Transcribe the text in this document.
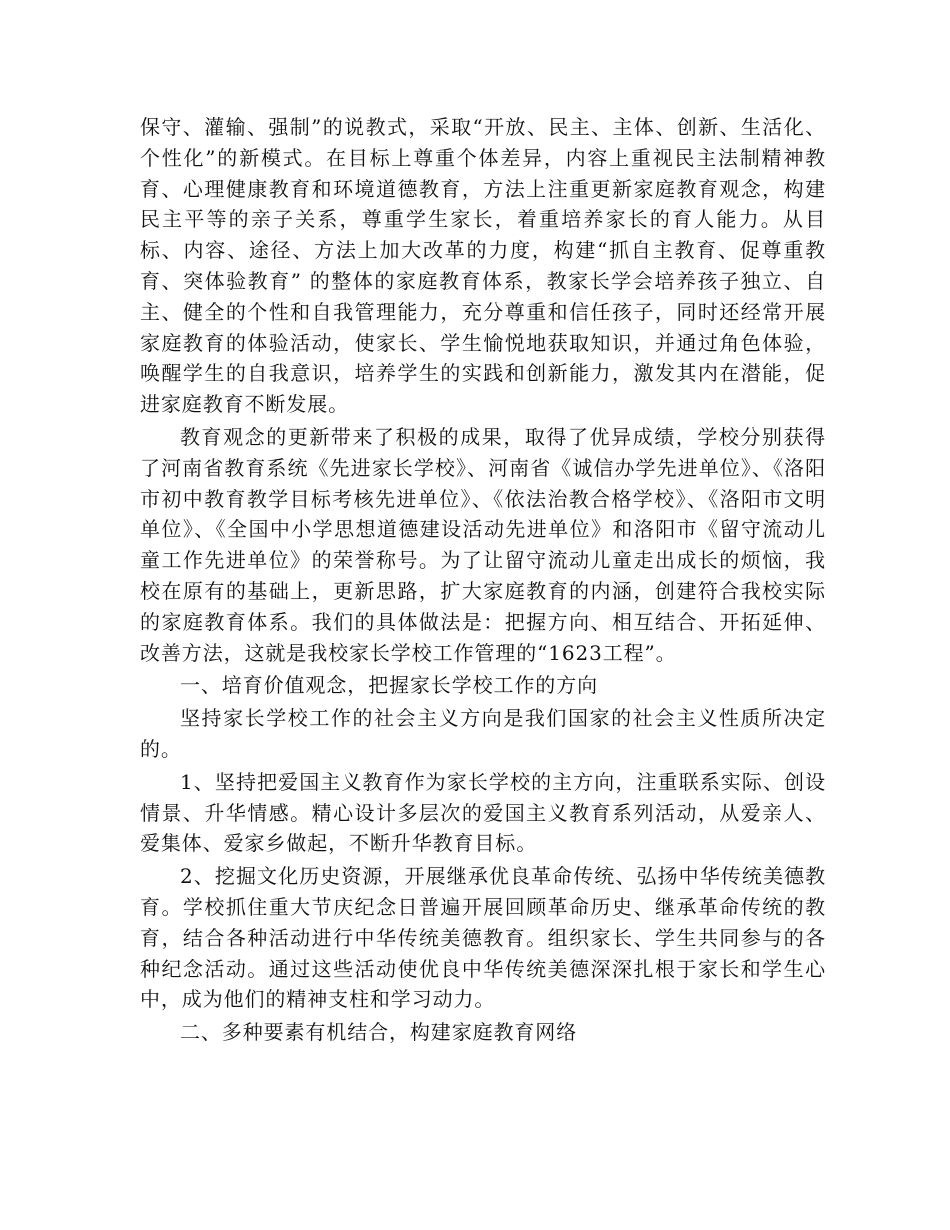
保守、灌输、强制”的说教式，采取“开放、民主、主体、创新、生活化、个性化”的新模式。在目标上尊重个体差异，内容上重视民主法制精神教育、心理健康教育和环境道德教育，方法上注重更新家庭教育观念，构建民主平等的亲子关系，尊重学生家长，着重培养家长的育人能力。从目标、内容、途径、方法上加大改革的力度，构建“抓自主教育、促尊重教育、突体验教育” 的整体的家庭教育体系，教家长学会培养孩子独立、自主、健全的个性和自我管理能力，充分尊重和信任孩子，同时还经常开展家庭教育的体验活动，使家长、学生愉悦地获取知识，并通过角色体验，唤醒学生的自我意识，培养学生的实践和创新能力，激发其内在潜能，促进家庭教育不断发展。

教育观念的更新带来了积极的成果，取得了优异成绩，学校分别获得了河南省教育系统《先进家长学校》、河南省《诚信办学先进单位》、《洛阳市初中教育教学目标考核先进单位》、《依法治教合格学校》、《洛阳市文明单位》、《全国中小学思想道德建设活动先进单位》和洛阳市《留守流动儿童工作先进单位》的荣誉称号。为了让留守流动儿童走出成长的烦恼，我校在原有的基础上，更新思路，扩大家庭教育的内涵，创建符合我校实际的家庭教育体系。我们的具体做法是：把握方向、相互结合、开拓延伸、改善方法，这就是我校家长学校工作管理的“1623工程”。

一、培育价值观念，把握家长学校工作的方向

坚持家长学校工作的社会主义方向是我们国家的社会主义性质所决定的。

1、坚持把爱国主义教育作为家长学校的主方向，注重联系实际、创设情景、升华情感。精心设计多层次的爱国主义教育系列活动，从爱亲人、爱集体、爱家乡做起，不断升华教育目标。

2、挖掘文化历史资源，开展继承优良革命传统、弘扬中华传统美德教育。学校抓住重大节庆纪念日普遍开展回顾革命历史、继承革命传统的教育，结合各种活动进行中华传统美德教育。组织家长、学生共同参与的各种纪念活动。通过这些活动使优良中华传统美德深深扎根于家长和学生心中，成为他们的精神支柱和学习动力。

二、多种要素有机结合，构建家庭教育网络
